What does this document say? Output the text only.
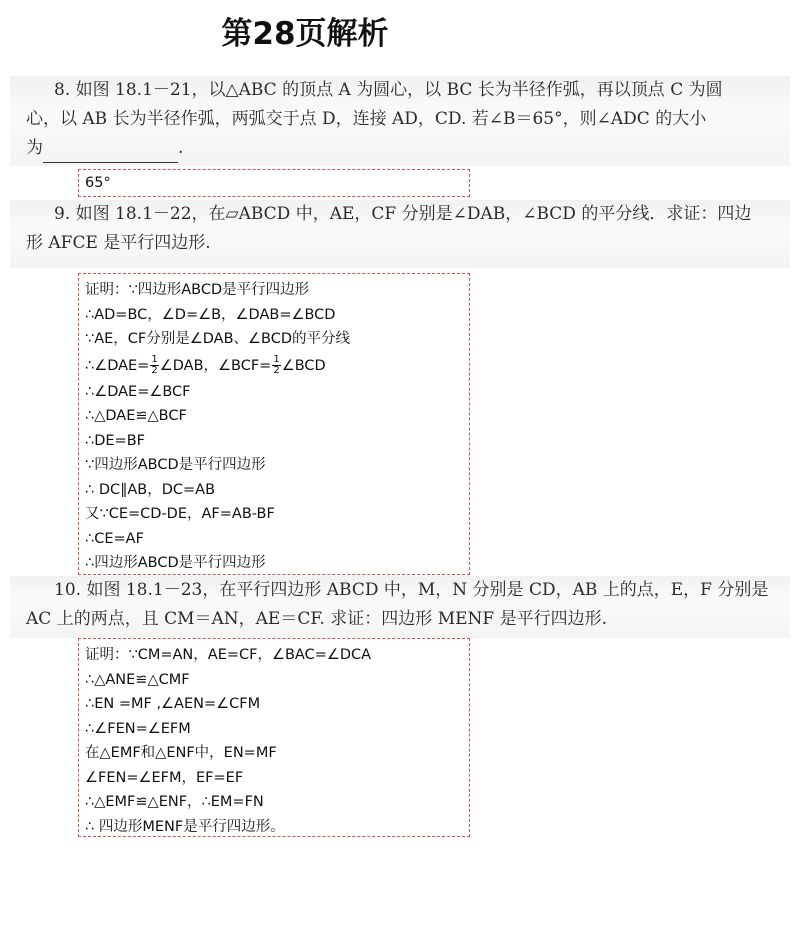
第28页解析
8. 如图 18.1－21，以△ABC 的顶点 A 为圆心，以 BC 长为半径作弧，再以顶点 C 为圆
心，以 AB 长为半径作弧，两弧交于点 D，连接 AD，CD. 若∠B＝65°，则∠ADC 的大小
为	.
65°
9. 如图 18.1－22，在▱ABCD 中，AE，CF 分别是∠DAB，∠BCD 的平分线．求证：四边
形 AFCE 是平行四边形.
证明：∵四边形ABCD是平行四边形
∴AD=BC，∠D=∠B，∠DAB=∠BCD
∵AE，CF分别是∠DAB、∠BCD的平分线
∴∠DAE= $\frac{1}{2}$ ∠DAB，∠BCF= $\frac{1}{2}$ ∠BCD
∴∠DAE=∠BCF
∴△DAE≌△BCF
∴DE=BF
∵四边形ABCD是平行四边形
∴ DC∥AB，DC=AB
又∵CE=CD-DE，AF=AB-BF
∴CE=AF
∴四边形ABCD是平行四边形
10. 如图 18.1－23，在平行四边形 ABCD 中，M，N 分别是 CD，AB 上的点，E，F 分别是
AC 上的两点，且 CM＝AN，AE＝CF. 求证：四边形 MENF 是平行四边形.
证明：∵CM=AN，AE=CF，∠BAC=∠DCA
∴△ANE≌△CMF
∴EN =MF ,∠AEN=∠CFM
∴∠FEN=∠EFM
在△EMF和△ENF中，EN=MF
∠FEN=∠EFM，EF=EF
∴△EMF≌△ENF，∴EM=FN
∴ 四边形MENF是平行四边形。
